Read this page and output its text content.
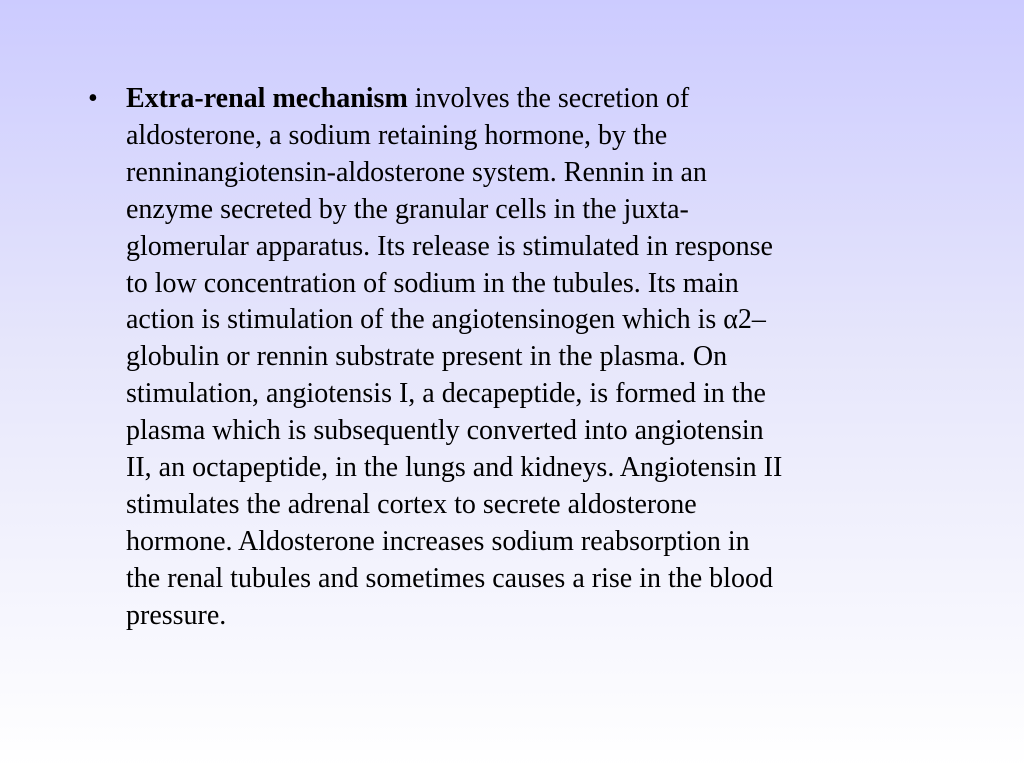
• Extra-renal mechanism involves the secretion of
aldosterone, a sodium retaining hormone, by the
renninangiotensin-aldosterone system. Rennin in an
enzyme secreted by the granular cells in the juxta-
glomerular apparatus. Its release is stimulated in response
to low concentration of sodium in the tubules. Its main
action is stimulation of the angiotensinogen which is α2–
globulin or rennin substrate present in the plasma. On
stimulation, angiotensis I, a decapeptide, is formed in the
plasma which is subsequently converted into angiotensin
II, an octapeptide, in the lungs and kidneys. Angiotensin II
stimulates the adrenal cortex to secrete aldosterone
hormone. Aldosterone increases sodium reabsorption in
the renal tubules and sometimes causes a rise in the blood
pressure.
